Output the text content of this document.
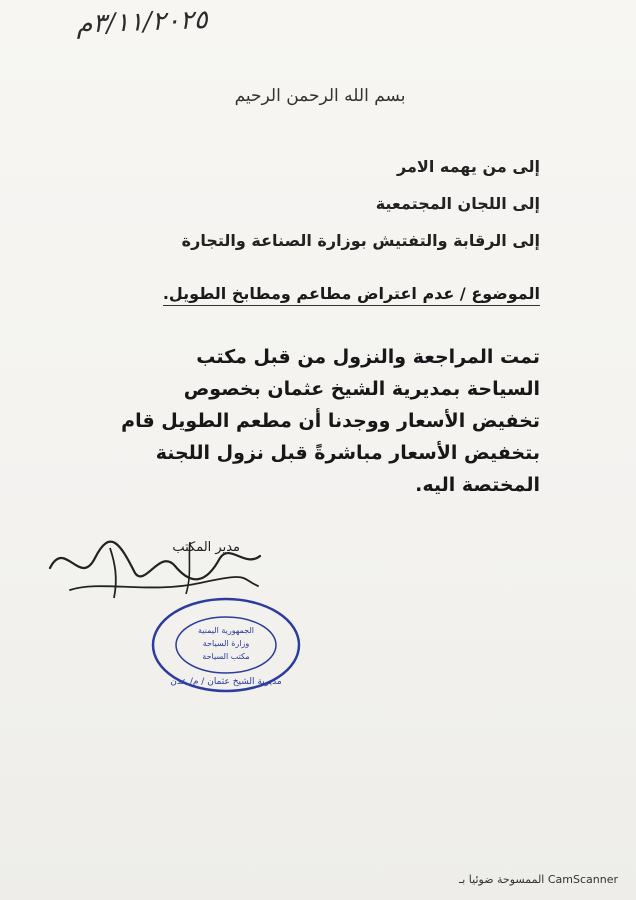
٣/١١/٢٠٢٥م
بسم الله الرحمن الرحيم
إلى من يهمه الامر
إلى اللجان المجتمعية
إلى الرقابة والتفتيش بوزارة الصناعة والتجارة
الموضوع / عدم اعتراض مطاعم ومطابخ الطويل.
تمت المراجعة والنزول من قبل مكتب السياحة بمديرية الشيخ عثمان بخصوص تخفيض الأسعار ووجدنا أن مطعم الطويل قام بتخفيض الأسعار مباشرةً قبل نزول اللجنة المختصة اليه.
مدير المكتب
محمد علي جبور
مديرية الشيخ عثمان / م/ عدن
الجمهورية اليمنية
وزارة السياحة
مكتب السياحة
الممسوحة ضوئيا بـ CamScanner
